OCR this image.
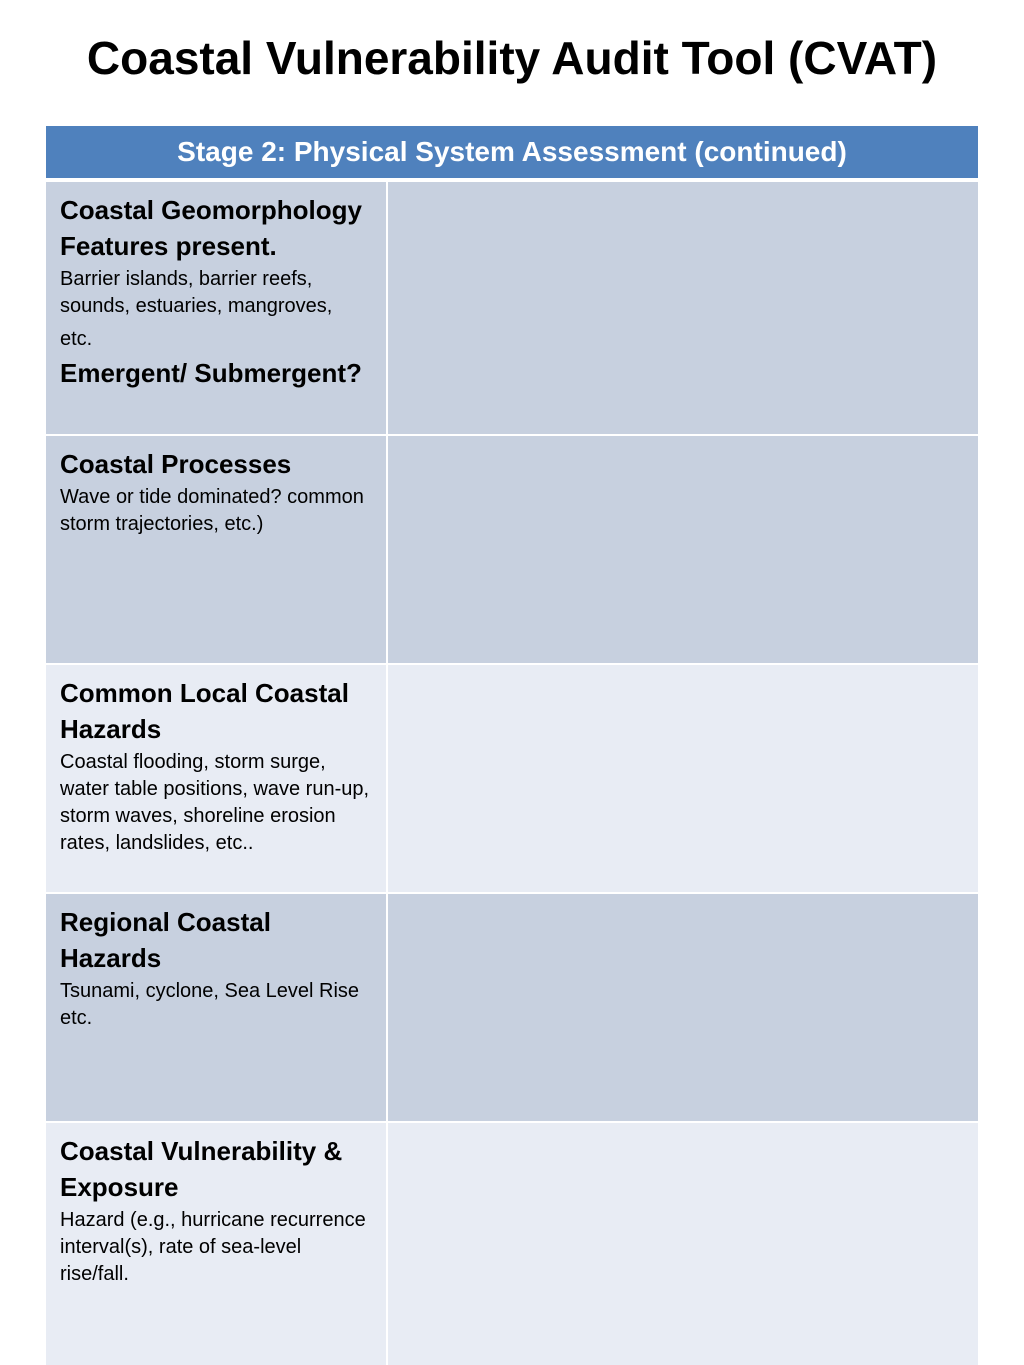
Coastal Vulnerability Audit Tool (CVAT)
Stage 2: Physical System Assessment (continued)
Coastal Geomorphology Features present.
Barrier islands, barrier reefs, sounds, estuaries, mangroves,
etc.
Emergent/ Submergent?
Coastal Processes
Wave or tide dominated? common storm trajectories, etc.)
Common Local Coastal Hazards
Coastal flooding, storm surge, water table positions, wave run-up, storm waves, shoreline erosion rates, landslides, etc..
Regional Coastal Hazards
Tsunami, cyclone, Sea Level Rise etc.
Coastal Vulnerability & Exposure
Hazard (e.g., hurricane recurrence interval(s), rate of sea-level rise/fall.
